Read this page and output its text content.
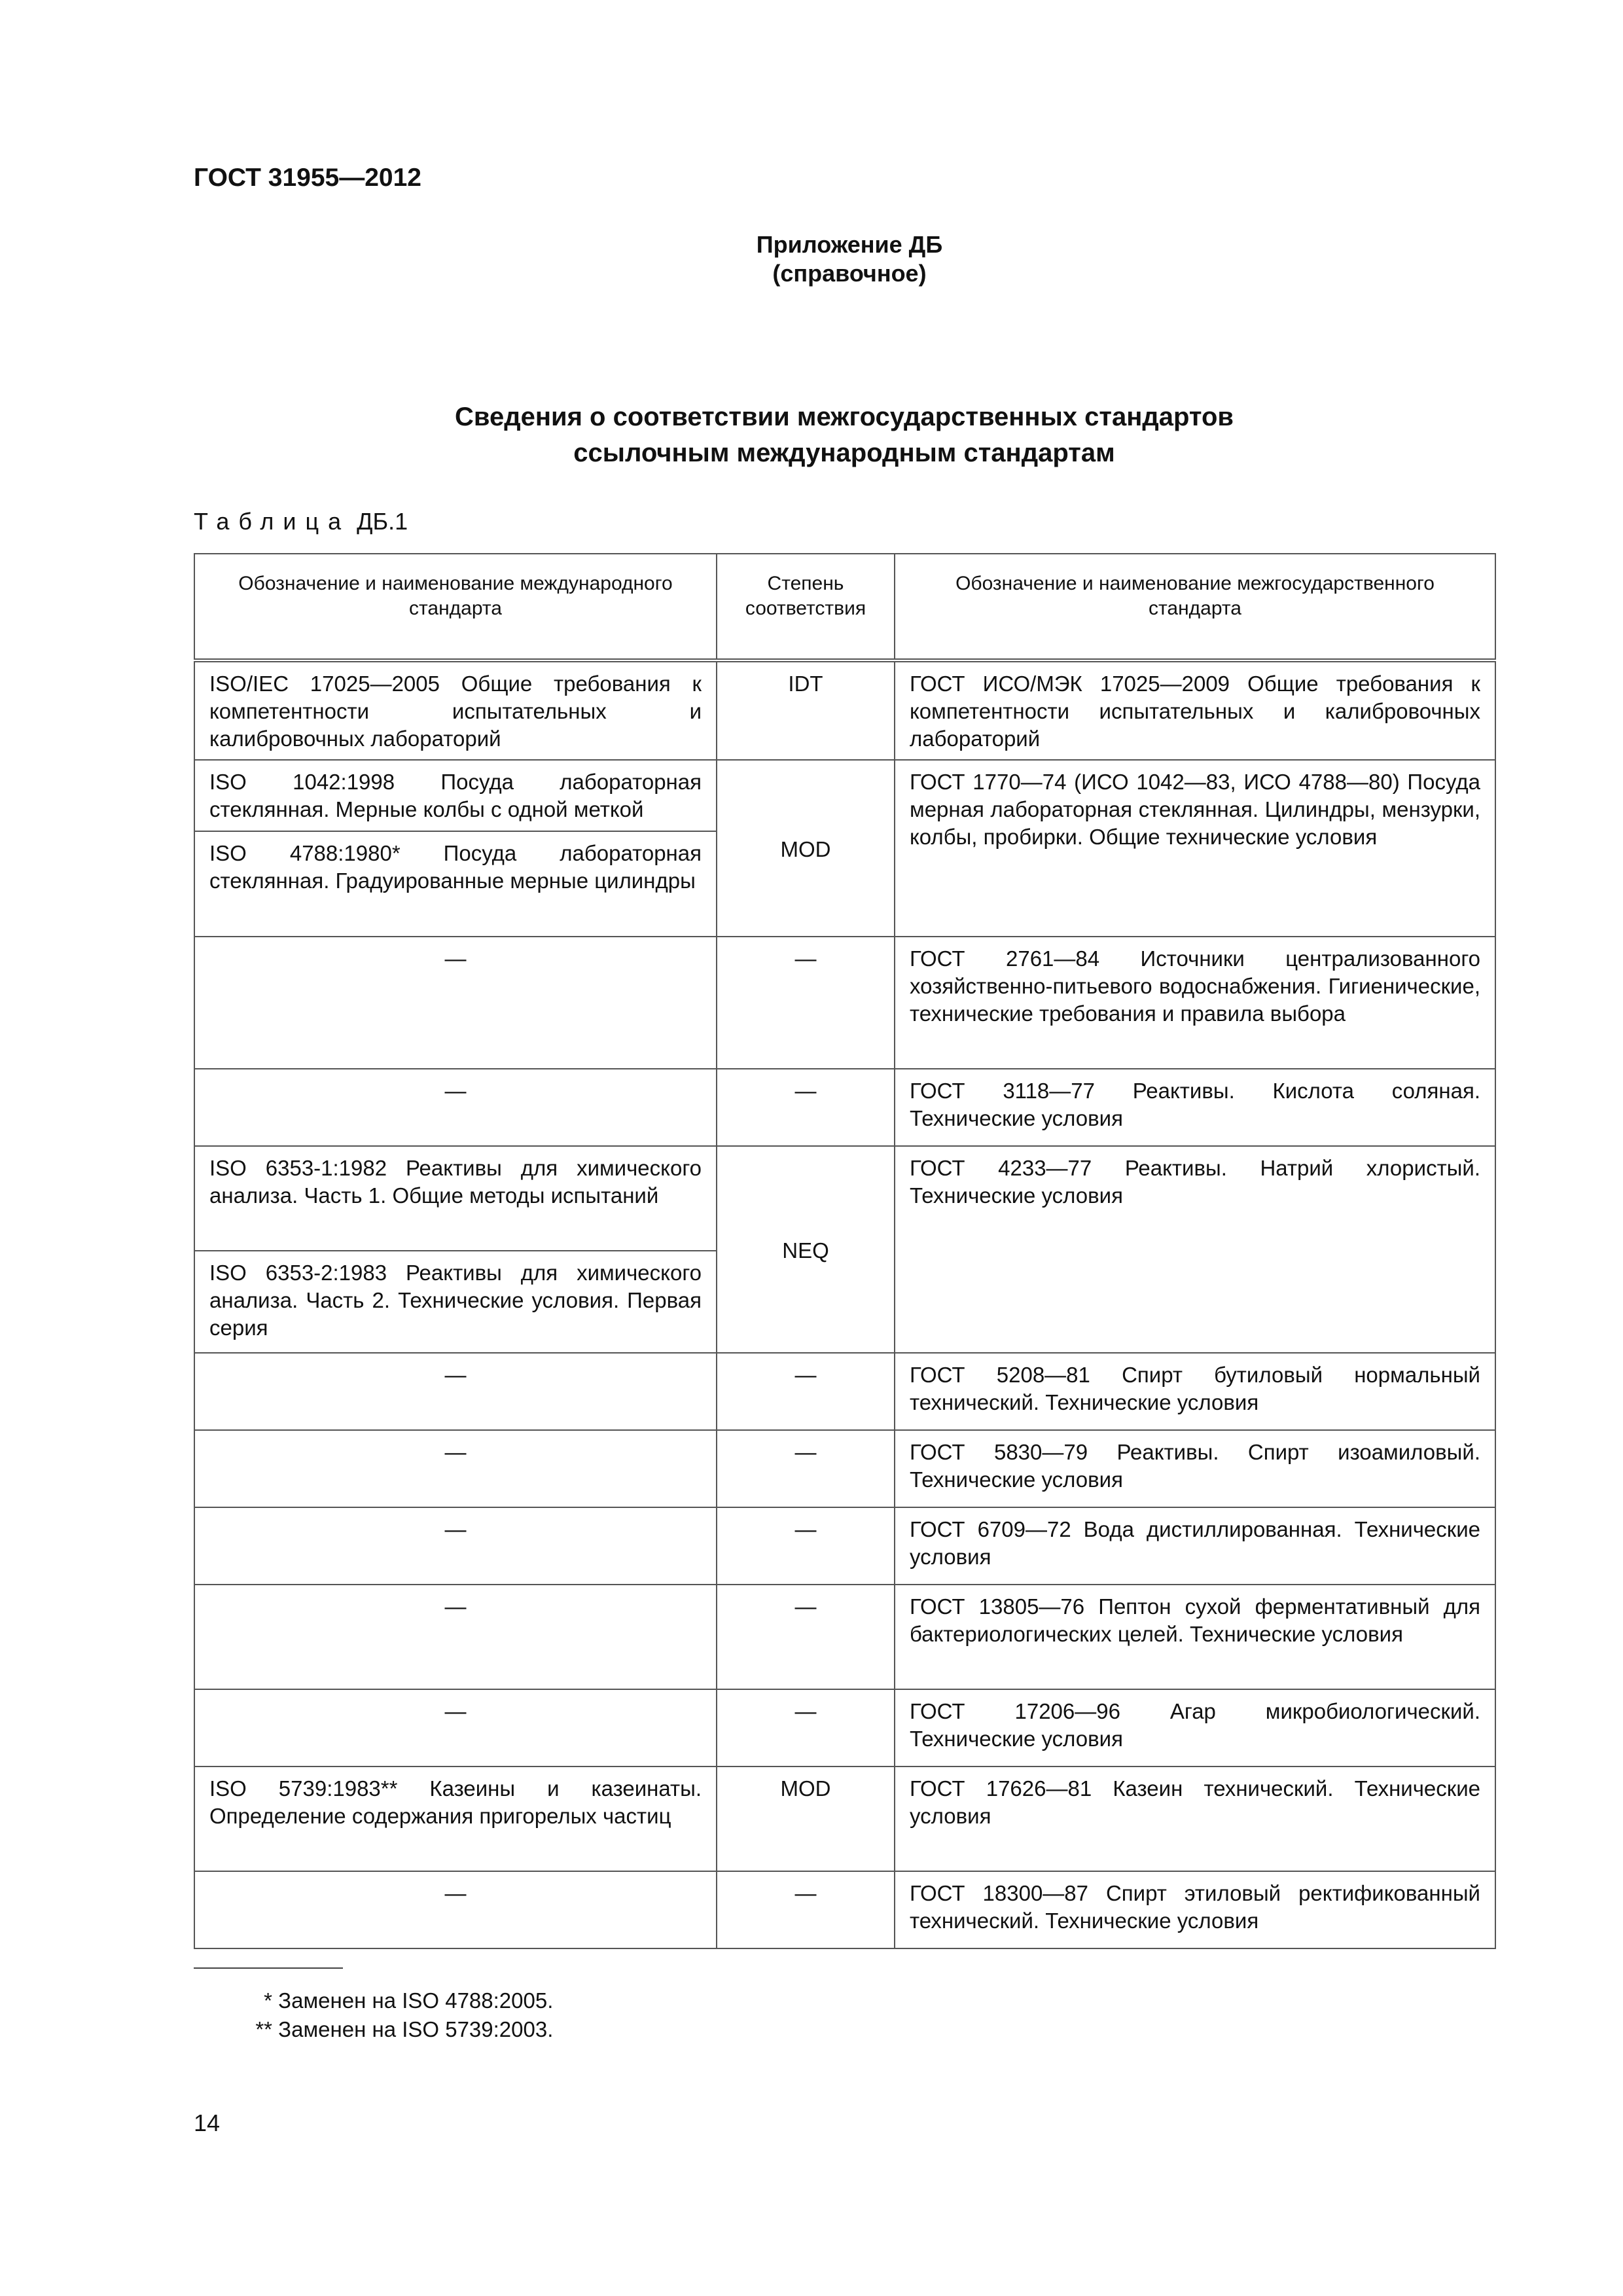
ГОСТ 31955—2012
Приложение ДБ
(справочное)
Сведения о соответствии межгосударственных стандартов
ссылочным международным стандартам
Таблица ДБ.1
Обозначение и наименование международного стандарта	Степень соответствия	Обозначение и наименование межгосударственного стандарта
ISO/IEC 17025—2005 Общие требования к компетентности испытательных и калибровочных лабораторий	IDT	ГОСТ ИСО/МЭК 17025—2009 Общие требования к компетентности испытательных и калибровочных лабораторий
ISO 1042:1998 Посуда лабораторная стеклянная. Мерные колбы с одной меткой	MOD	ГОСТ 1770—74 (ИСО 1042—83, ИСО 4788—80) Посуда мерная лабораторная стеклянная. Цилиндры, мензурки, колбы, пробирки. Общие технические условия
ISO 4788:1980* Посуда лабораторная стеклянная. Градуированные мерные цилиндры		
—	—	ГОСТ 2761—84 Источники централизованного хозяйственно-питьевого водоснабжения. Гигиенические, технические требования и правила выбора
—	—	ГОСТ 3118—77 Реактивы. Кислота соляная. Технические условия
ISO 6353-1:1982 Реактивы для химического анализа. Часть 1. Общие методы испытаний	NEQ	ГОСТ 4233—77 Реактивы. Натрий хлористый. Технические условия
ISO 6353-2:1983 Реактивы для химического анализа. Часть 2. Технические условия. Первая серия		
—	—	ГОСТ 5208—81 Спирт бутиловый нормальный технический. Технические условия
—	—	ГОСТ 5830—79 Реактивы. Спирт изоамиловый. Технические условия
—	—	ГОСТ 6709—72 Вода дистиллированная. Технические условия
—	—	ГОСТ 13805—76 Пептон сухой ферментативный для бактериологических целей. Технические условия
—	—	ГОСТ 17206—96 Агар микробиологический. Технические условия
ISO 5739:1983** Казеины и казеинаты. Определение содержания пригорелых частиц	MOD	ГОСТ 17626—81 Казеин технический. Технические условия
—	—	ГОСТ 18300—87 Спирт этиловый ректификованный технический. Технические условия
* Заменен на ISO 4788:2005.
** Заменен на ISO 5739:2003.
14
